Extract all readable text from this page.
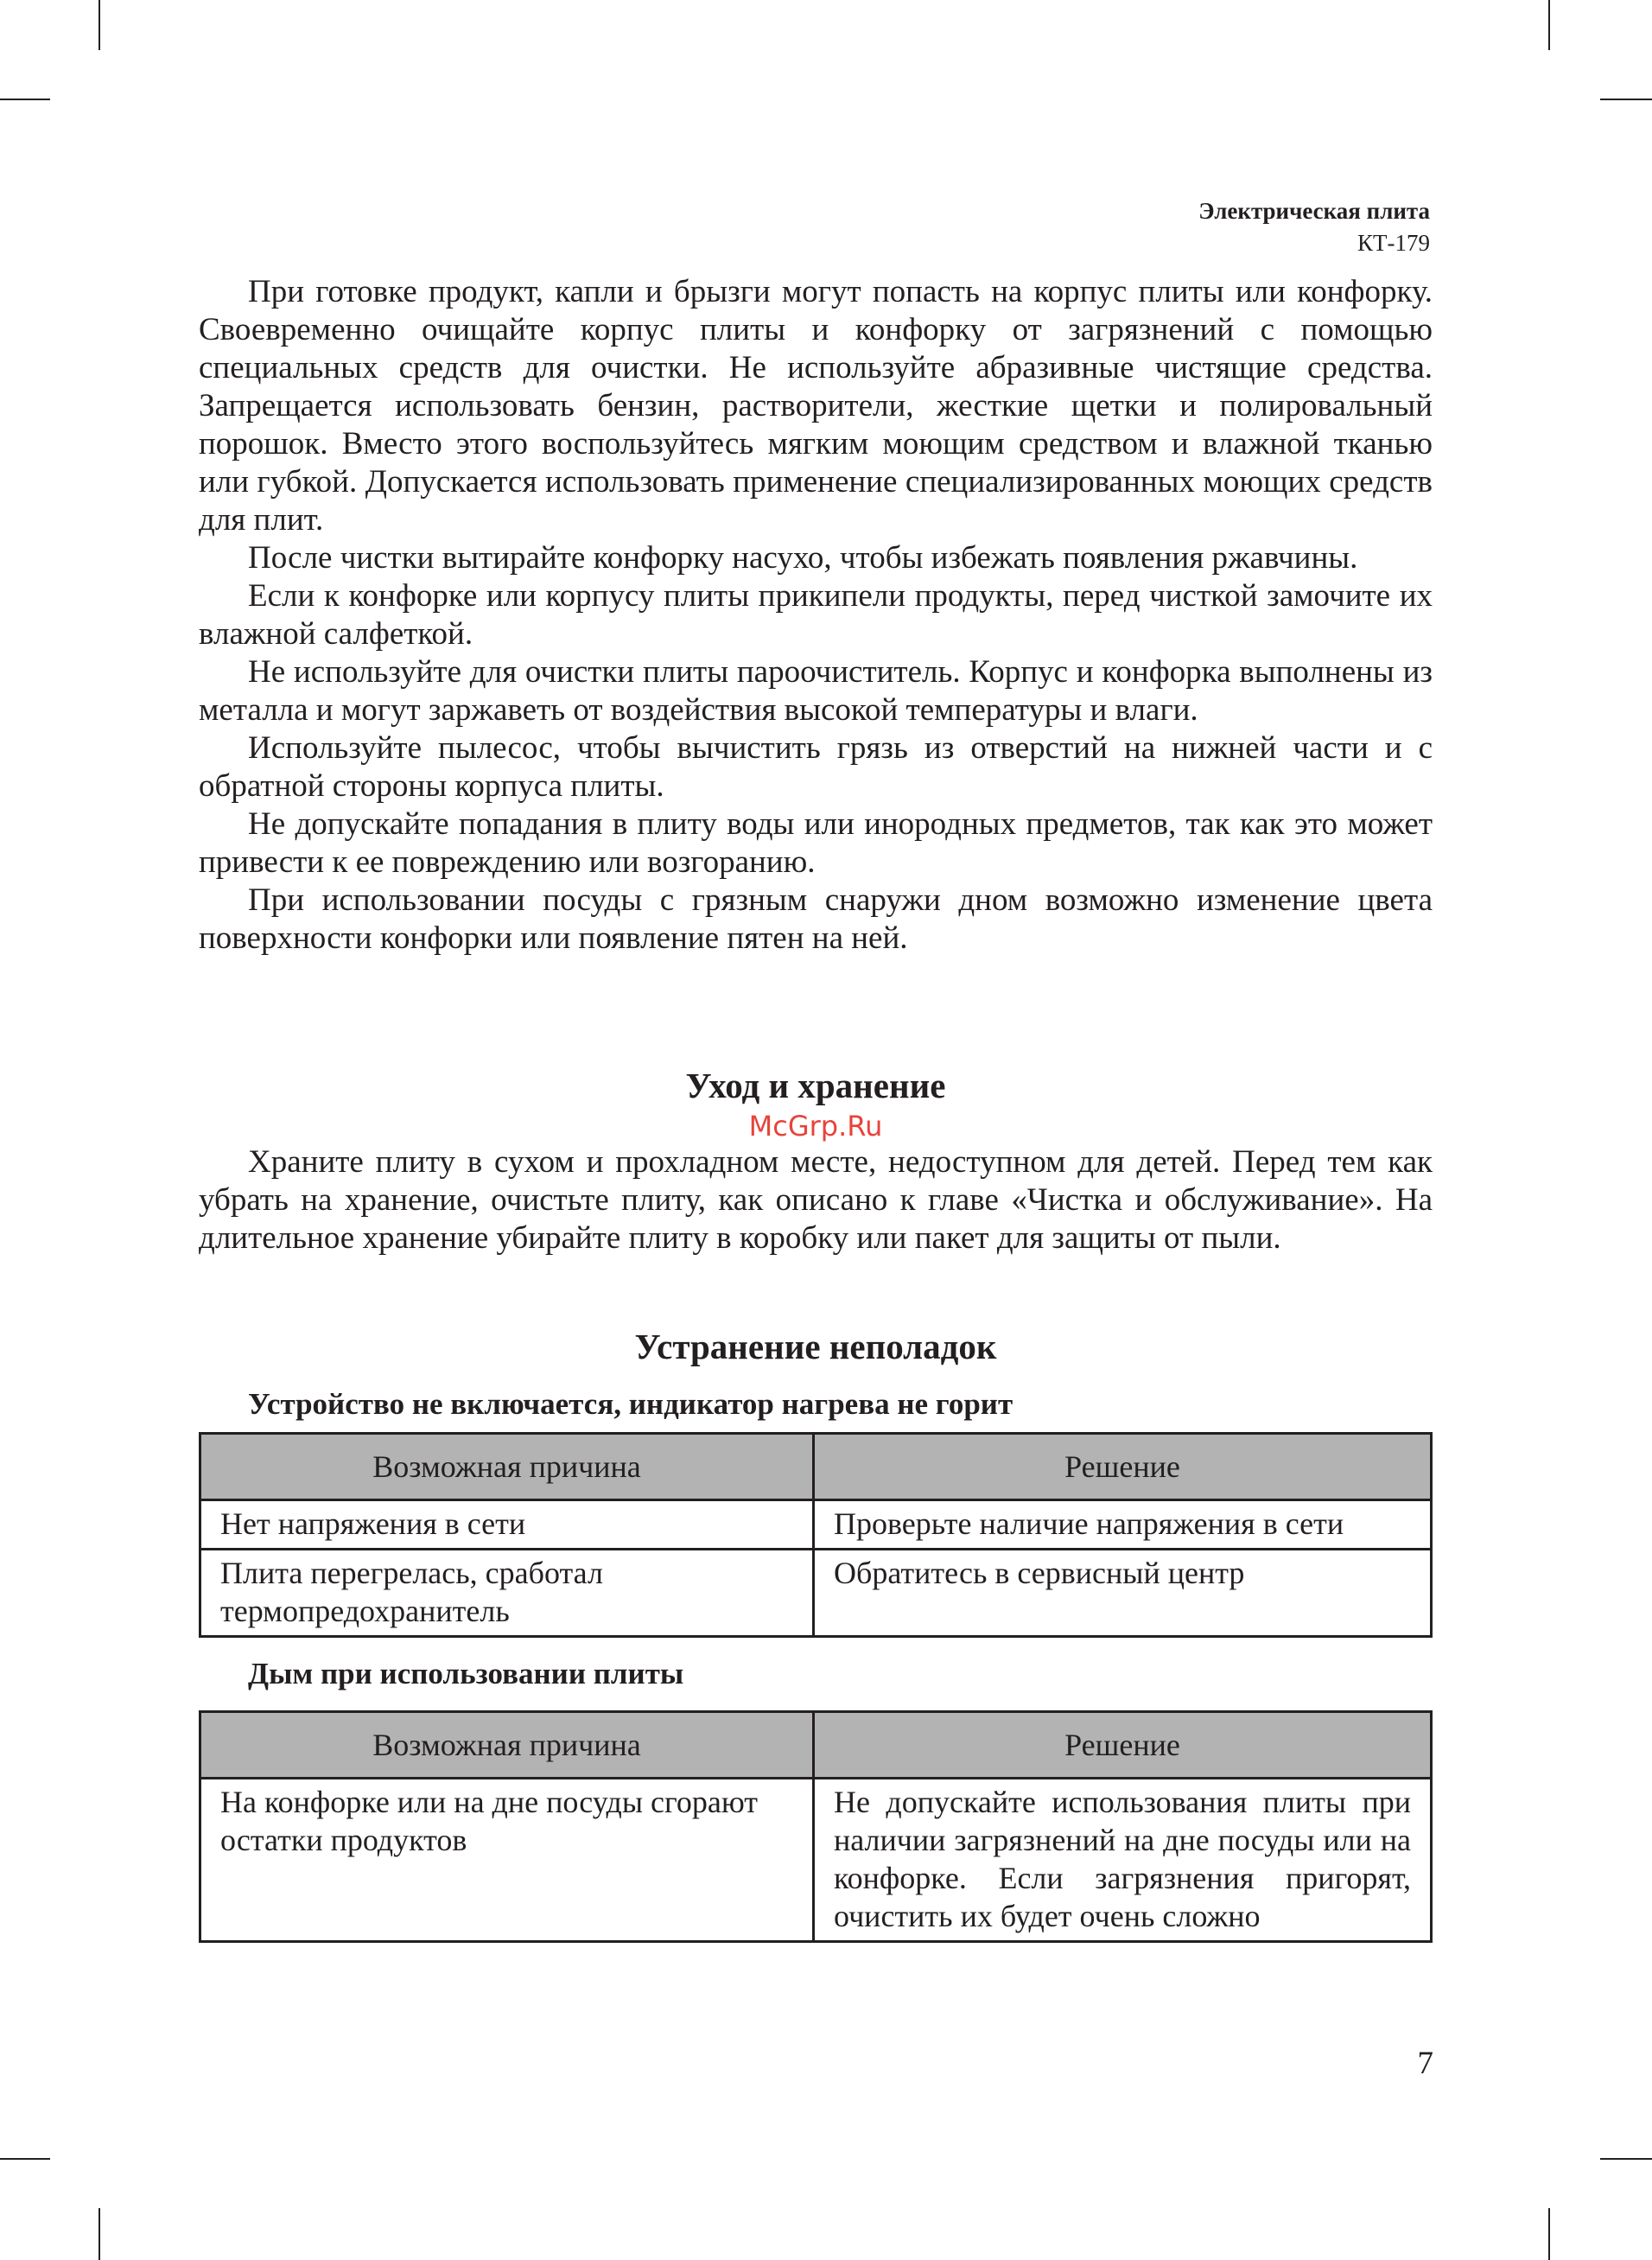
Электрическая плита
КТ-179

При готовке продукт, капли и брызги могут попасть на корпус плиты или конфорку. Своевременно очищайте корпус плиты и конфорку от загрязнений с помощью специальных средств для очистки. Не используйте абразивные чистящие средства. Запрещается использовать бензин, растворители, жесткие щетки и полировальный порошок. Вместо этого воспользуйтесь мягким моющим средством и влажной тканью или губкой. Допускается использовать применение специализированных моющих средств для плит.

После чистки вытирайте конфорку насухо, чтобы избежать появления ржавчины.

Если к конфорке или корпусу плиты прикипели продукты, перед чисткой замочите их влажной салфеткой.

Не используйте для очистки плиты пароочиститель. Корпус и конфорка выполнены из металла и могут заржаветь от воздействия высокой температуры и влаги.

Используйте пылесос, чтобы вычистить грязь из отверстий на нижней части и с обратной стороны корпуса плиты.

Не допускайте попадания в плиту воды или инородных предметов, так как это может привести к ее повреждению или возгоранию.

При использовании посуды с грязным снаружи дном возможно изменение цвета поверхности конфорки или появление пятен на ней.

Уход и хранение
McGrp.Ru

Храните плиту в сухом и прохладном месте, недоступном для детей. Перед тем как убрать на хранение, очистьте плиту, как описано к главе «Чистка и обслуживание». На длительное хранение убирайте плиту в коробку или пакет для защиты от пыли.

Устранение неполадок

Устройство не включается, индикатор нагрева не горит

Возможная причина	Решение
Нет напряжения в сети	Проверьте наличие напряжения в сети
Плита перегрелась, сработал термопредохранитель	Обратитесь в сервисный центр

Дым при использовании плиты

Возможная причина	Решение
На конфорке или на дне посуды сгорают остатки продуктов	Не допускайте использования плиты при наличии загрязнений на дне посуды или на конфорке. Если загрязнения пригорят, очистить их будет очень сложно
7
